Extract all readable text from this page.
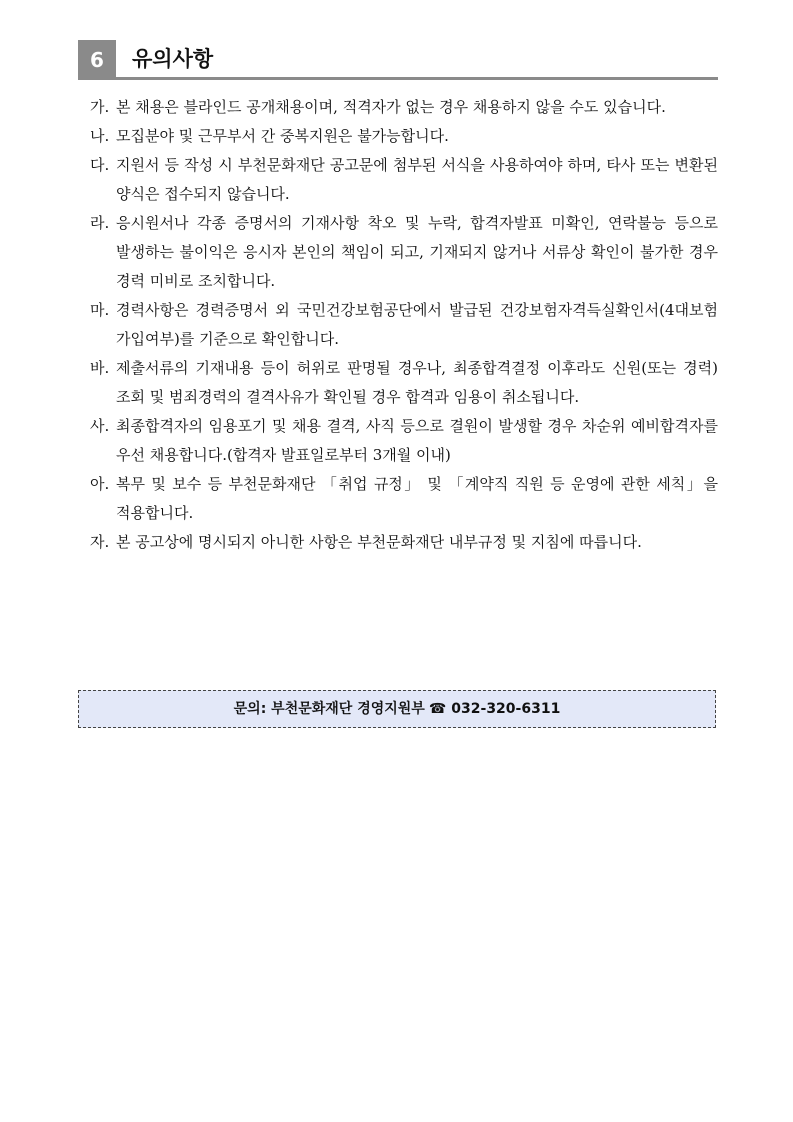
6	유의사항
가. 본 채용은 블라인드 공개채용이며, 적격자가 없는 경우 채용하지 않을 수도 있습니다.
나. 모집분야 및 근무부서 간 중복지원은 불가능합니다.
다. 지원서 등 작성 시 부천문화재단 공고문에 첨부된 서식을 사용하여야 하며, 타사 또는 변환된 양식은 접수되지 않습니다.
라. 응시원서나 각종 증명서의 기재사항 착오 및 누락, 합격자발표 미확인, 연락불능 등으로 발생하는 불이익은 응시자 본인의 책임이 되고, 기재되지 않거나 서류상 확인이 불가한 경우 경력 미비로 조치합니다.
마. 경력사항은 경력증명서 외 국민건강보험공단에서 발급된 건강보험자격득실확인서(4대보험 가입여부)를 기준으로 확인합니다.
바. 제출서류의 기재내용 등이 허위로 판명될 경우나, 최종합격결정 이후라도 신원(또는 경력)조회 및 범죄경력의 결격사유가 확인될 경우 합격과 임용이 취소됩니다.
사. 최종합격자의 임용포기 및 채용 결격, 사직 등으로 결원이 발생할 경우 차순위 예비합격자를 우선 채용합니다.(합격자 발표일로부터 3개월 이내)
아. 복무 및 보수 등 부천문화재단 「취업 규정」 및 「계약직 직원 등 운영에 관한 세칙」을 적용합니다.
자. 본 공고상에 명시되지 아니한 사항은 부천문화재단 내부규정 및 지침에 따릅니다.
문의: 부천문화재단 경영지원부 ☎ 032-320-6311
